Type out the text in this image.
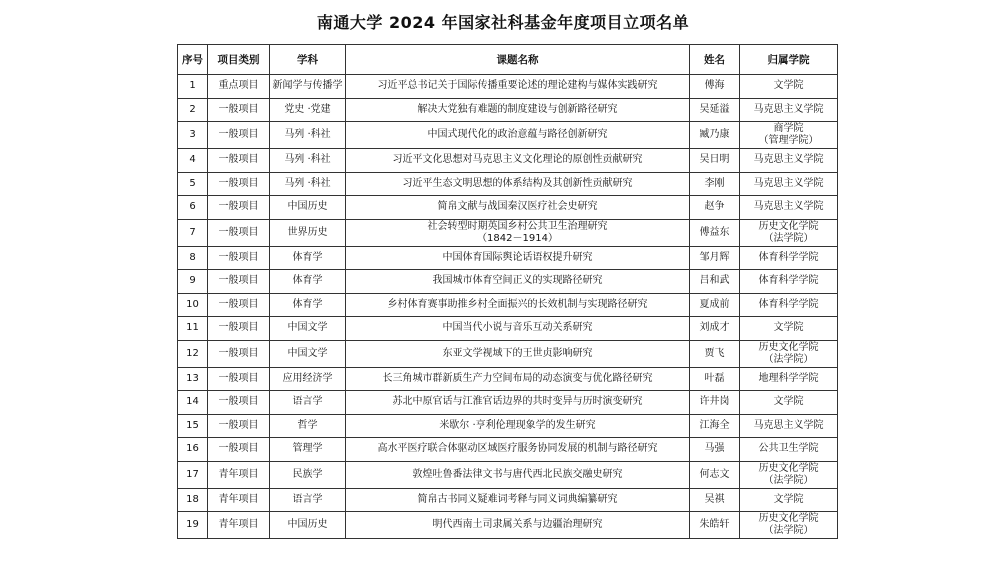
南通大学 2024 年国家社科基金年度项目立项名单
序号	项目类别	学科	课题名称	姓名	归属学院

1	重点项目	新闻学与传播学	习近平总书记关于国际传播重要论述的理论建构与媒体实践研究	傅海	文学院

2	一般项目	党史 ·党建	解决大党独有难题的制度建设与创新路径研究	吴延溢	马克思主义学院

3	一般项目	马列 ·科社	中国式现代化的政治意蕴与路径创新研究	臧乃康	商学院
（管理学院）

4	一般项目	马列 ·科社	习近平文化思想对马克思主义文化理论的原创性贡献研究	吴日明	马克思主义学院

5	一般项目	马列 ·科社	习近平生态文明思想的体系结构及其创新性贡献研究	李刚	马克思主义学院

6	一般项目	中国历史	简帛文献与战国秦汉医疗社会史研究	赵争	马克思主义学院

7	一般项目	世界历史	社会转型时期英国乡村公共卫生治理研究
（1842－1914）	傅益东	历史文化学院
（法学院）

8	一般项目	体育学	中国体育国际舆论话语权提升研究	邹月辉	体育科学学院

9	一般项目	体育学	我国城市体育空间正义的实现路径研究	吕和武	体育科学学院

10	一般项目	体育学	乡村体育赛事助推乡村全面振兴的长效机制与实现路径研究	夏成前	体育科学学院

11	一般项目	中国文学	中国当代小说与音乐互动关系研究	刘成才	文学院

12	一般项目	中国文学	东亚文学视域下的王世贞影响研究	贾飞	历史文化学院
（法学院）

13	一般项目	应用经济学	长三角城市群新质生产力空间布局的动态演变与优化路径研究	叶磊	地理科学学院

14	一般项目	语言学	苏北中原官话与江淮官话边界的共时变异与历时演变研究	许井岗	文学院

15	一般项目	哲学	米歇尔 ·亨利伦理现象学的发生研究	江海全	马克思主义学院

16	一般项目	管理学	高水平医疗联合体驱动区域医疗服务协同发展的机制与路径研究	马强	公共卫生学院

17	青年项目	民族学	敦煌吐鲁番法律文书与唐代西北民族交融史研究	何志文	历史文化学院
（法学院）

18	青年项目	语言学	简帛古书同义疑难词考释与同义词典编纂研究	吴祺	文学院

19	青年项目	中国历史	明代西南土司隶属关系与边疆治理研究	朱皓轩	历史文化学院
（法学院）
